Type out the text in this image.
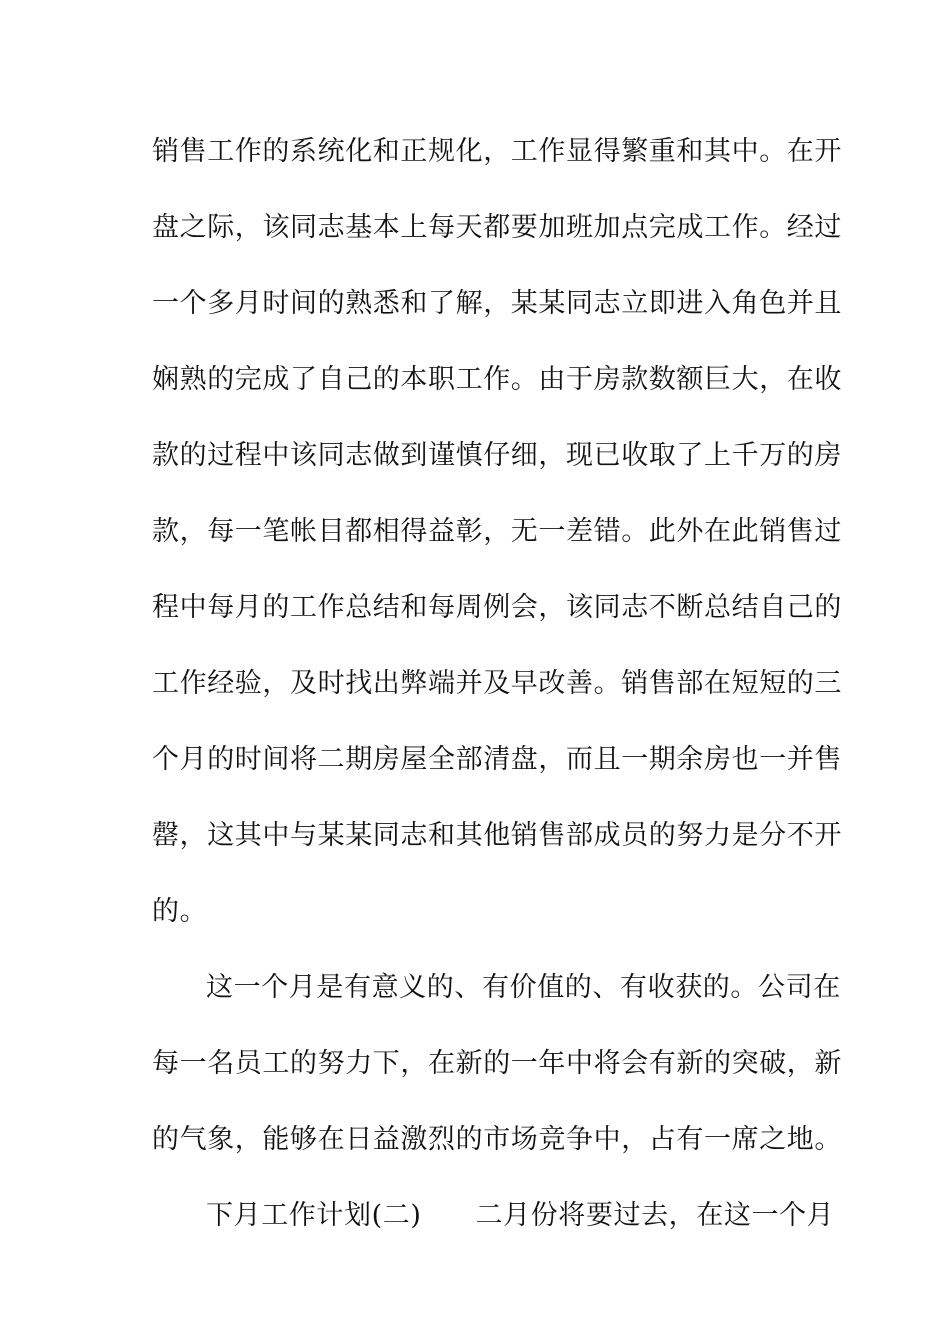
销售工作的系统化和正规化，工作显得繁重和其中。在开
盘之际，该同志基本上每天都要加班加点完成工作。经过
一个多月时间的熟悉和了解，某某同志立即进入角色并且
娴熟的完成了自己的本职工作。由于房款数额巨大，在收
款的过程中该同志做到谨慎仔细，现已收取了上千万的房
款，每一笔帐目都相得益彰，无一差错。此外在此销售过
程中每月的工作总结和每周例会，该同志不断总结自己的
工作经验，及时找出弊端并及早改善。销售部在短短的三
个月的时间将二期房屋全部清盘，而且一期余房也一并售
罄，这其中与某某同志和其他销售部成员的努力是分不开
的。
这一个月是有意义的、有价值的、有收获的。公司在
每一名员工的努力下，在新的一年中将会有新的突破，新
的气象，能够在日益激烈的市场竞争中，占有一席之地。
下月工作计划(二) 二月份将要过去，在这一个月
